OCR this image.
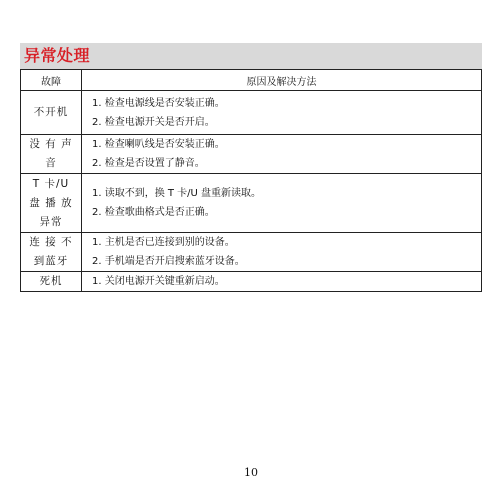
异常处理
故障	原因及解决方法

不开机	1. 检查电源线是否安装正确。
2. 检查电源开关是否开启。

没 有 声
音	1. 检查喇叭线是否安装正确。
2. 检查是否设置了静音。

T 卡/U
盘 播 放
异常	1. 读取不到，换 T 卡/U 盘重新读取。
2. 检查歌曲格式是否正确。

连 接 不
到蓝牙	1. 主机是否已连接到别的设备。
2. 手机端是否开启搜索蓝牙设备。

死机	1. 关闭电源开关键重新启动。
10
